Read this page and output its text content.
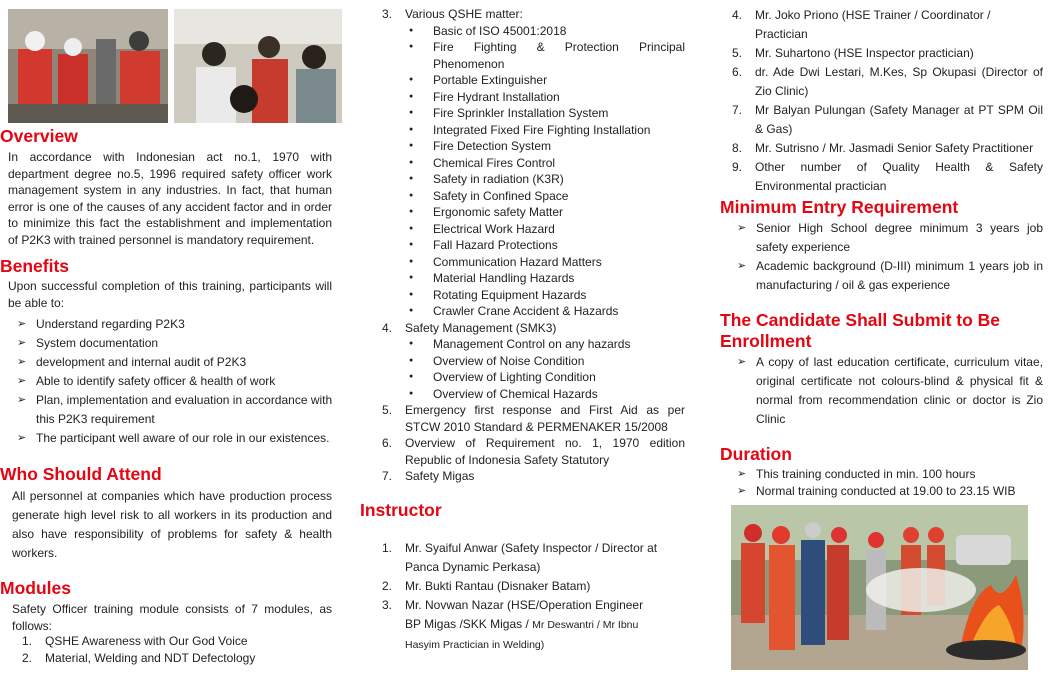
Overview

In accordance with Indonesian act no.1, 1970 with department degree no.5, 1996 required safety officer work management system in any industries. In fact, that human error is one of the causes of any accident factor and in order to minimize this fact the establishment and implementation of P2K3 with trained personnel is mandatory requirement.

Benefits

Upon successful completion of this training, participants will be able to:

➢ Understand regarding P2K3
➢ System documentation
➢ development and internal audit of P2K3
➢ Able to identify safety officer & health of work
➢ Plan, implementation and evaluation in accordance with this P2K3 requirement
➢ The participant well aware of our role in our existences.
Who Should Attend

All personnel at companies which have production process generate high level risk to all workers in its production and also have responsibility of problems for safety & health workers.

Modules

Safety Officer training module consists of 7 modules, as follows:

1. QSHE Awareness with Our God Voice
2. Material, Welding and NDT Defectology
3. Various QSHE matter:
● Basic of ISO 45001:2018
● Fire Fighting & Protection Principal Phenomenon
● Portable Extinguisher
● Fire Hydrant Installation
● Fire Sprinkler Installation System
● Integrated Fixed Fire Fighting Installation
● Fire Detection System
● Chemical Fires Control
● Safety in radiation (K3R)
● Safety in Confined Space
● Ergonomic safety Matter
● Electrical Work Hazard
● Fall Hazard Protections
● Communication Hazard Matters
● Material Handling Hazards
● Rotating Equipment Hazards
● Crawler Crane Accident & Hazards
4. Safety Management (SMK3)
● Management Control on any hazards
● Overview of Noise Condition
● Overview of Lighting Condition
● Overview of Chemical Hazards
5. Emergency first response and First Aid as per STCW 2010 Standard & PERMENAKER 15/2008
6. Overview of Requirement no. 1, 1970 edition Republic of Indonesia Safety Statutory
7. Safety Migas
Instructor
1. Mr. Syaiful Anwar (Safety Inspector / Director at Panca Dynamic Perkasa)
2. Mr. Bukti Rantau (Disnaker Batam)
3. Mr. Novwan Nazar (HSE/Operation Engineer BP Migas /SKK Migas / Mr Deswantri / Mr Ibnu Hasyim Practician in Welding)
4. Mr. Joko Priono (HSE Trainer / Coordinator / Practician
5. Mr. Suhartono (HSE Inspector practician)
6. dr. Ade Dwi Lestari, M.Kes, Sp Okupasi (Director of Zio Clinic)
7. Mr Balyan Pulungan (Safety Manager at PT SPM Oil & Gas)
8. Mr. Sutrisno / Mr. Jasmadi Senior Safety Practitioner
9. Other number of Quality Health & Safety Environmental practician
Minimum Entry Requirement
➢ Senior High School degree minimum 3 years job safety experience
➢ Academic background (D-III) minimum 1 years job in manufacturing / oil & gas experience
The Candidate Shall Submit to Be Enrollment
➢ A copy of last education certificate, curriculum vitae, original certificate not colours-blind & physical fit & normal from recommendation clinic or doctor is Zio Clinic
Duration
➢ This training conducted in min. 100 hours
➢ Normal training conducted at 19.00 to 23.15 WIB
